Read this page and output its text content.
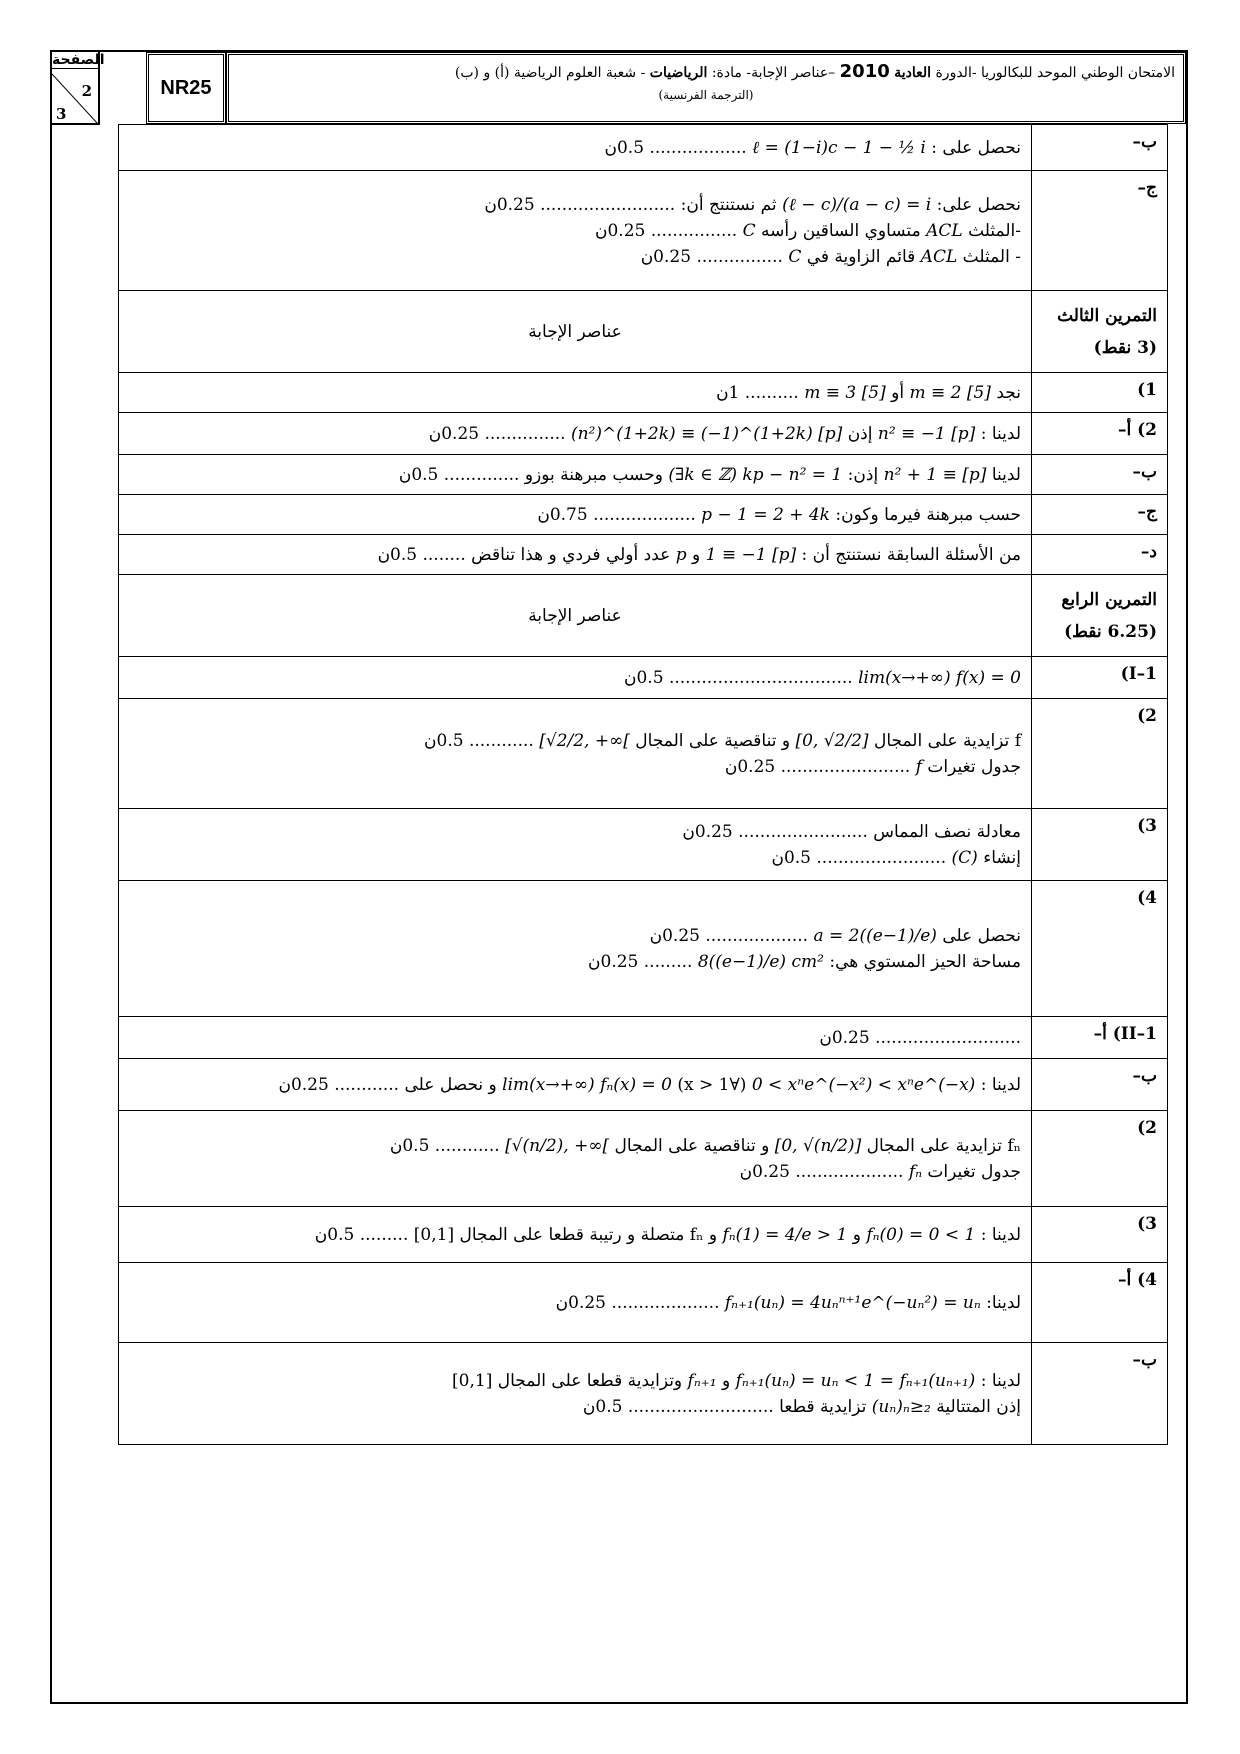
الصفحة
2
3
NR25
الامتحان الوطني الموحد للبكالوريا -الدورة العادية 2010 –عناصر الإجابة- مادة: الرياضيات - شعبة العلوم الرياضية (أ) و (ب)
(الترجمة الفرنسية)
ب–	نحصل على : ℓ = (1−i)c − 1 − ½ i .................. 0.5ن

ج–	نحصل على: (ℓ − c)/(a − c) = i ثم نستنتج أن: ......................... 0.25ن
-المثلث ACL متساوي الساقين رأسه C ................ 0.25ن
- المثلث ACL قائم الزاوية في C ................ 0.25ن

التمرين الثالث (3 نقط)	عناصر الإجابة
1)	نجد m ≡ 2 [5] أو m ≡ 3 [5] .......... 1ن

2) أ–	لدينا : n² ≡ −1 [p] إذن (n²)^(1+2k) ≡ (−1)^(1+2k) [p] ............... 0.25ن

ب–	لدينا n² + 1 ≡ [p] إذن: (∃k ∈ ℤ) kp − n² = 1 وحسب مبرهنة بوزو .............. 0.5ن

ج–	حسب مبرهنة فيرما وكون: p − 1 = 2 + 4k ................... 0.75ن

د–	من الأسئلة السابقة نستنتج أن : 1 ≡ −1 [p] و p عدد أولي فردي و هذا تناقض ........ 0.5ن

التمرين الرابع (6.25 نقط)	عناصر الإجابة
I–1)	lim(x→+∞) f(x) = 0 .................................. 0.5ن

2)	f تزايدية على المجال [0, √2/2] و تناقصية على المجال [√2/2, +∞[ ............ 0.5ن
جدول تغيرات f ........................ 0.25ن

3)	معادلة نصف المماس ........................ 0.25ن
إنشاء (C) ........................ 0.5ن

4)	نحصل على a = 2((e−1)/e) ................... 0.25ن
مساحة الحيز المستوي هي: 8((e−1)/e) cm² ......... 0.25ن

II–1) أ–	........................... 0.25ن

ب–	لدينا : 0 < xⁿe^(−x²) < xⁿe^(−x) (∀x > 1) lim(x→+∞) fₙ(x) = 0 و نحصل على ............ 0.25ن

2)	fₙ تزايدية على المجال [0, √(n/2)] و تناقصية على المجال [√(n/2), +∞[ ............ 0.5ن
جدول تغيرات fₙ .................... 0.25ن

3)	لدينا : fₙ(0) = 0 < 1 و fₙ(1) = 4/e > 1 و fₙ متصلة و رتيبة قطعا على المجال [0,1] ......... 0.5ن

4) أ–	لدينا: fₙ₊₁(uₙ) = 4uₙⁿ⁺¹e^(−uₙ²) = uₙ .................... 0.25ن

ب–	لدينا : fₙ₊₁(uₙ) = uₙ < 1 = fₙ₊₁(uₙ₊₁) و fₙ₊₁ وتزايدية قطعا على المجال [0,1]
إذن المتتالية (uₙ)ₙ≥₂ تزايدية قطعا ........................... 0.5ن
